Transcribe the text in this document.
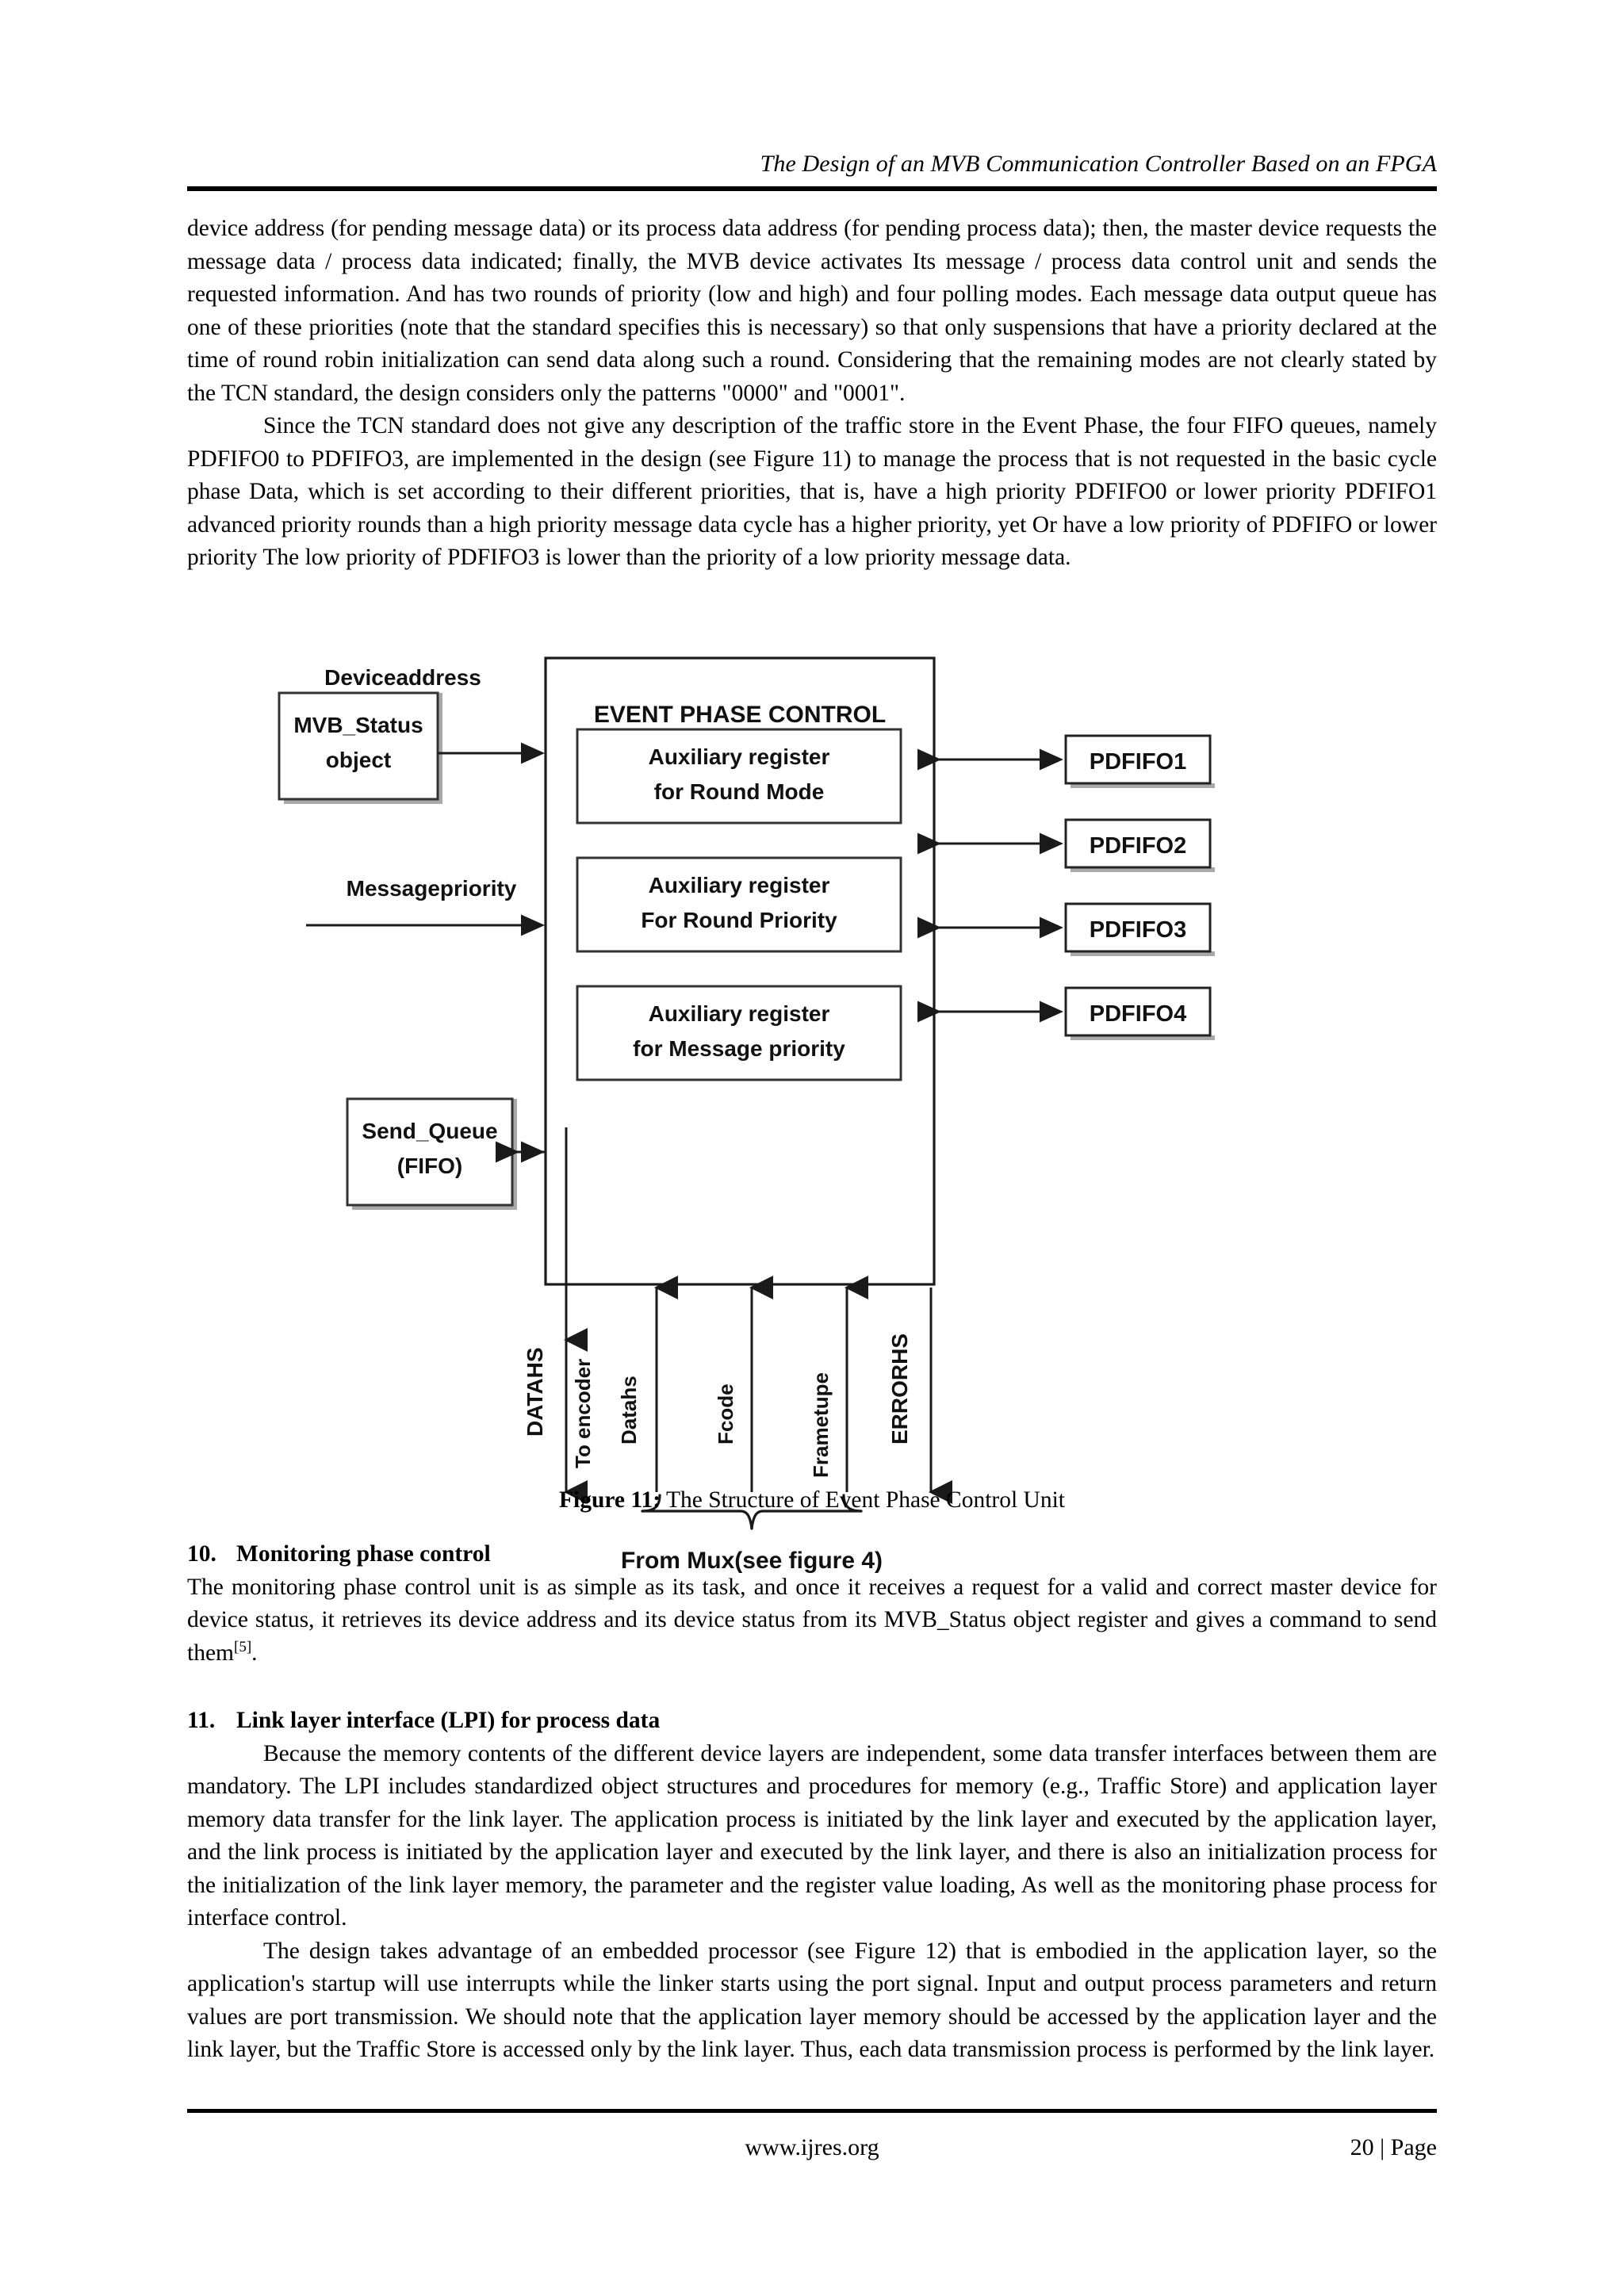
The Design of an MVB Communication Controller Based on an FPGA

device address (for pending message data) or its process data address (for pending process data); then, the master device requests the message data / process data indicated; finally, the MVB device activates Its message / process data control unit and sends the requested information. And has two rounds of priority (low and high) and four polling modes. Each message data output queue has one of these priorities (note that the standard specifies this is necessary) so that only suspensions that have a priority declared at the time of round robin initialization can send data along such a round. Considering that the remaining modes are not clearly stated by the TCN standard, the design considers only the patterns "0000" and "0001".

Since the TCN standard does not give any description of the traffic store in the Event Phase, the four FIFO queues, namely PDFIFO0 to PDFIFO3, are implemented in the design (see Figure 11) to manage the process that is not requested in the basic cycle phase Data, which is set according to their different priorities, that is, have a high priority PDFIFO0 or lower priority PDFIFO1 advanced priority rounds than a high priority message data cycle has a higher priority, yet Or have a low priority of PDFIFO or lower priority The low priority of PDFIFO3 is lower than the priority of a low priority message data.

EVENT PHASE CONTROL
Auxiliary register
for Round Mode
Auxiliary register
For Round Priority
Auxiliary register
for Message priority
MVB_Status
object
Send_Queue
(FIFO)
Deviceaddress
Messagepriority
PDFIFO1
PDFIFO2
PDFIFO3
PDFIFO4
DATAHS To encoder Datahs	Fcode	Frametupe ERRORHS
From Mux(see figure 4)
Figure 11: The Structure of Event Phase Control Unit
10. Monitoring phase control

The monitoring phase control unit is as simple as its task, and once it receives a request for a valid and correct master device for device status, it retrieves its device address and its device status from its MVB_Status object register and gives a command to send them[5].

11. Link layer interface (LPI) for process data

Because the memory contents of the different device layers are independent, some data transfer interfaces between them are mandatory. The LPI includes standardized object structures and procedures for memory (e.g., Traffic Store) and application layer memory data transfer for the link layer. The application process is initiated by the link layer and executed by the application layer, and the link process is initiated by the application layer and executed by the link layer, and there is also an initialization process for the initialization of the link layer memory, the parameter and the register value loading, As well as the monitoring phase process for interface control.

The design takes advantage of an embedded processor (see Figure 12) that is embodied in the application layer, so the application's startup will use interrupts while the linker starts using the port signal. Input and output process parameters and return values are port transmission. We should note that the application layer memory should be accessed by the application layer and the link layer, but the Traffic Store is accessed only by the link layer. Thus, each data transmission process is performed by the link layer.

www.ijres.org	20 | Page
